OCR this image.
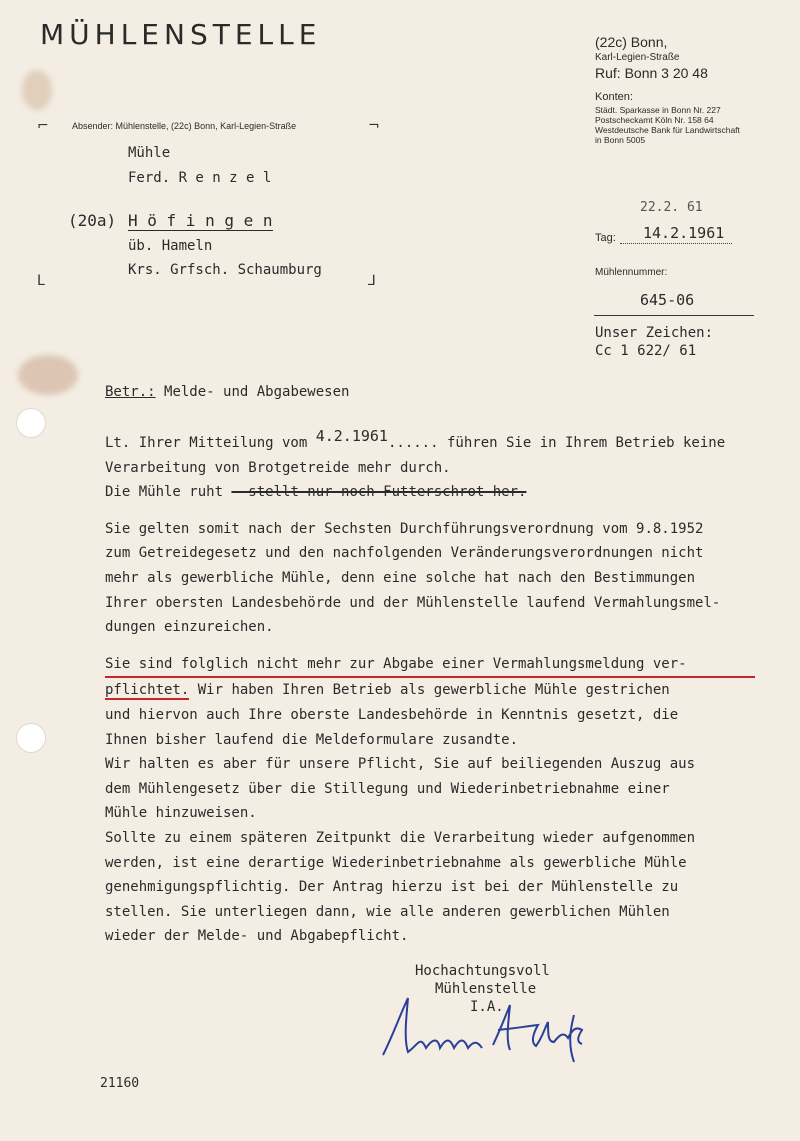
MÜHLENSTELLE	(22c) Bonn,
Karl-Legien-Straße
Ruf: Bonn 3 20 48
Konten:
Städt. Sparkasse in Bonn Nr. 227
Postscheckamt Köln Nr. 158 64
Westdeutsche Bank für Landwirtschaft
in Bonn 5005
⌐	¬
L	⅃
Absender: Mühlenstelle, (22c) Bonn, Karl-Legien-Straße
Mühle
Ferd. R e n z e l
(20a) H ö f i n g e n
üb. Hameln
Krs. Grfsch. Schaumburg
22.2. 61
Tag: 14.2.1961
Mühlennummer:
645-06
Unser Zeichen:
Cc 1 622/ 61
Betr.: Melde- und Abgabewesen
Lt. Ihrer Mitteilung vom 4.2.1961...... führen Sie in Ihrem Betrieb keine
Verarbeitung von Brotgetreide mehr durch.
Die Mühle ruht - stellt nur noch Futterschrot her.
Sie gelten somit nach der Sechsten Durchführungsverordnung vom 9.8.1952
zum Getreidegesetz und den nachfolgenden Veränderungsverordnungen nicht
mehr als gewerbliche Mühle, denn eine solche hat nach den Bestimmungen
Ihrer obersten Landesbehörde und der Mühlenstelle laufend Vermahlungsmel-
dungen einzureichen.
Sie sind folglich nicht mehr zur Abgabe einer Vermahlungsmeldung ver-
pflichtet. Wir haben Ihren Betrieb als gewerbliche Mühle gestrichen
und hiervon auch Ihre oberste Landesbehörde in Kenntnis gesetzt, die
Ihnen bisher laufend die Meldeformulare zusandte.
Wir halten es aber für unsere Pflicht, Sie auf beiliegenden Auszug aus
dem Mühlengesetz über die Stillegung und Wiederinbetriebnahme einer
Mühle hinzuweisen.
Sollte zu einem späteren Zeitpunkt die Verarbeitung wieder aufgenommen
werden, ist eine derartige Wiederinbetriebnahme als gewerbliche Mühle
genehmigungspflichtig. Der Antrag hierzu ist bei der Mühlenstelle zu
stellen. Sie unterliegen dann, wie alle anderen gewerblichen Mühlen
wieder der Melde- und Abgabepflicht.
Hochachtungsvoll
Mühlenstelle
I.A.
21160
